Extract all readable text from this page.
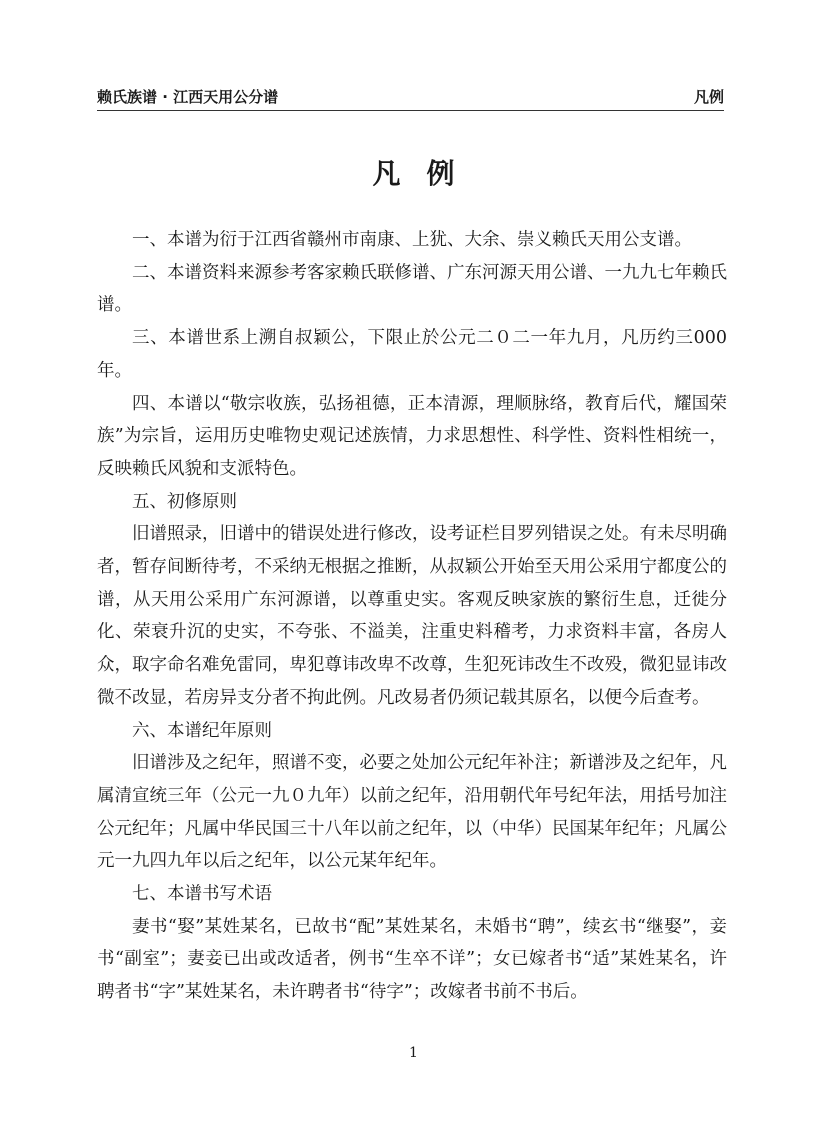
赖氏族谱 · 江西天用公分谱	凡例
凡例

一、本谱为衍于江西省赣州市南康、上犹、大余、崇义赖氏天用公支谱。

二、本谱资料来源参考客家赖氏联修谱、广东河源天用公谱、一九九七年赖氏谱。

三、本谱世系上溯自叔颖公，下限止於公元二０二一年九月，凡历约三000年。

四、本谱以“敬宗收族，弘扬祖德，正本清源，理顺脉络，教育后代，耀国荣族”为宗旨，运用历史唯物史观记述族情，力求思想性、科学性、资料性相统一，反映赖氏风貌和支派特色。

五、初修原则

旧谱照录，旧谱中的错误处进行修改，设考证栏目罗列错误之处。有未尽明确者，暂存间断待考，不采纳无根据之推断，从叔颖公开始至天用公采用宁都度公的谱，从天用公采用广东河源谱，以尊重史实。客观反映家族的繁衍生息，迁徙分化、荣衰升沉的史实，不夸张、不溢美，注重史料稽考，力求资料丰富，各房人众，取字命名难免雷同，卑犯尊讳改卑不改尊，生犯死讳改生不改殁，微犯显讳改微不改显，若房异支分者不拘此例。凡改易者仍须记载其原名，以便今后查考。

六、本谱纪年原则

旧谱涉及之纪年，照谱不变，必要之处加公元纪年补注；新谱涉及之纪年，凡属清宣统三年（公元一九０九年）以前之纪年，沿用朝代年号纪年法，用括号加注公元纪年；凡属中华民国三十八年以前之纪年，以（中华）民国某年纪年；凡属公元一九四九年以后之纪年，以公元某年纪年。

七、本谱书写术语

妻书“娶”某姓某名，已故书“配”某姓某名，未婚书“聘”，续玄书“继娶”，妾书“副室”；妻妾已出或改适者，例书“生卒不详”；女已嫁者书“适”某姓某名，许聘者书“字”某姓某名，未许聘者书“待字”；改嫁者书前不书后。

1
